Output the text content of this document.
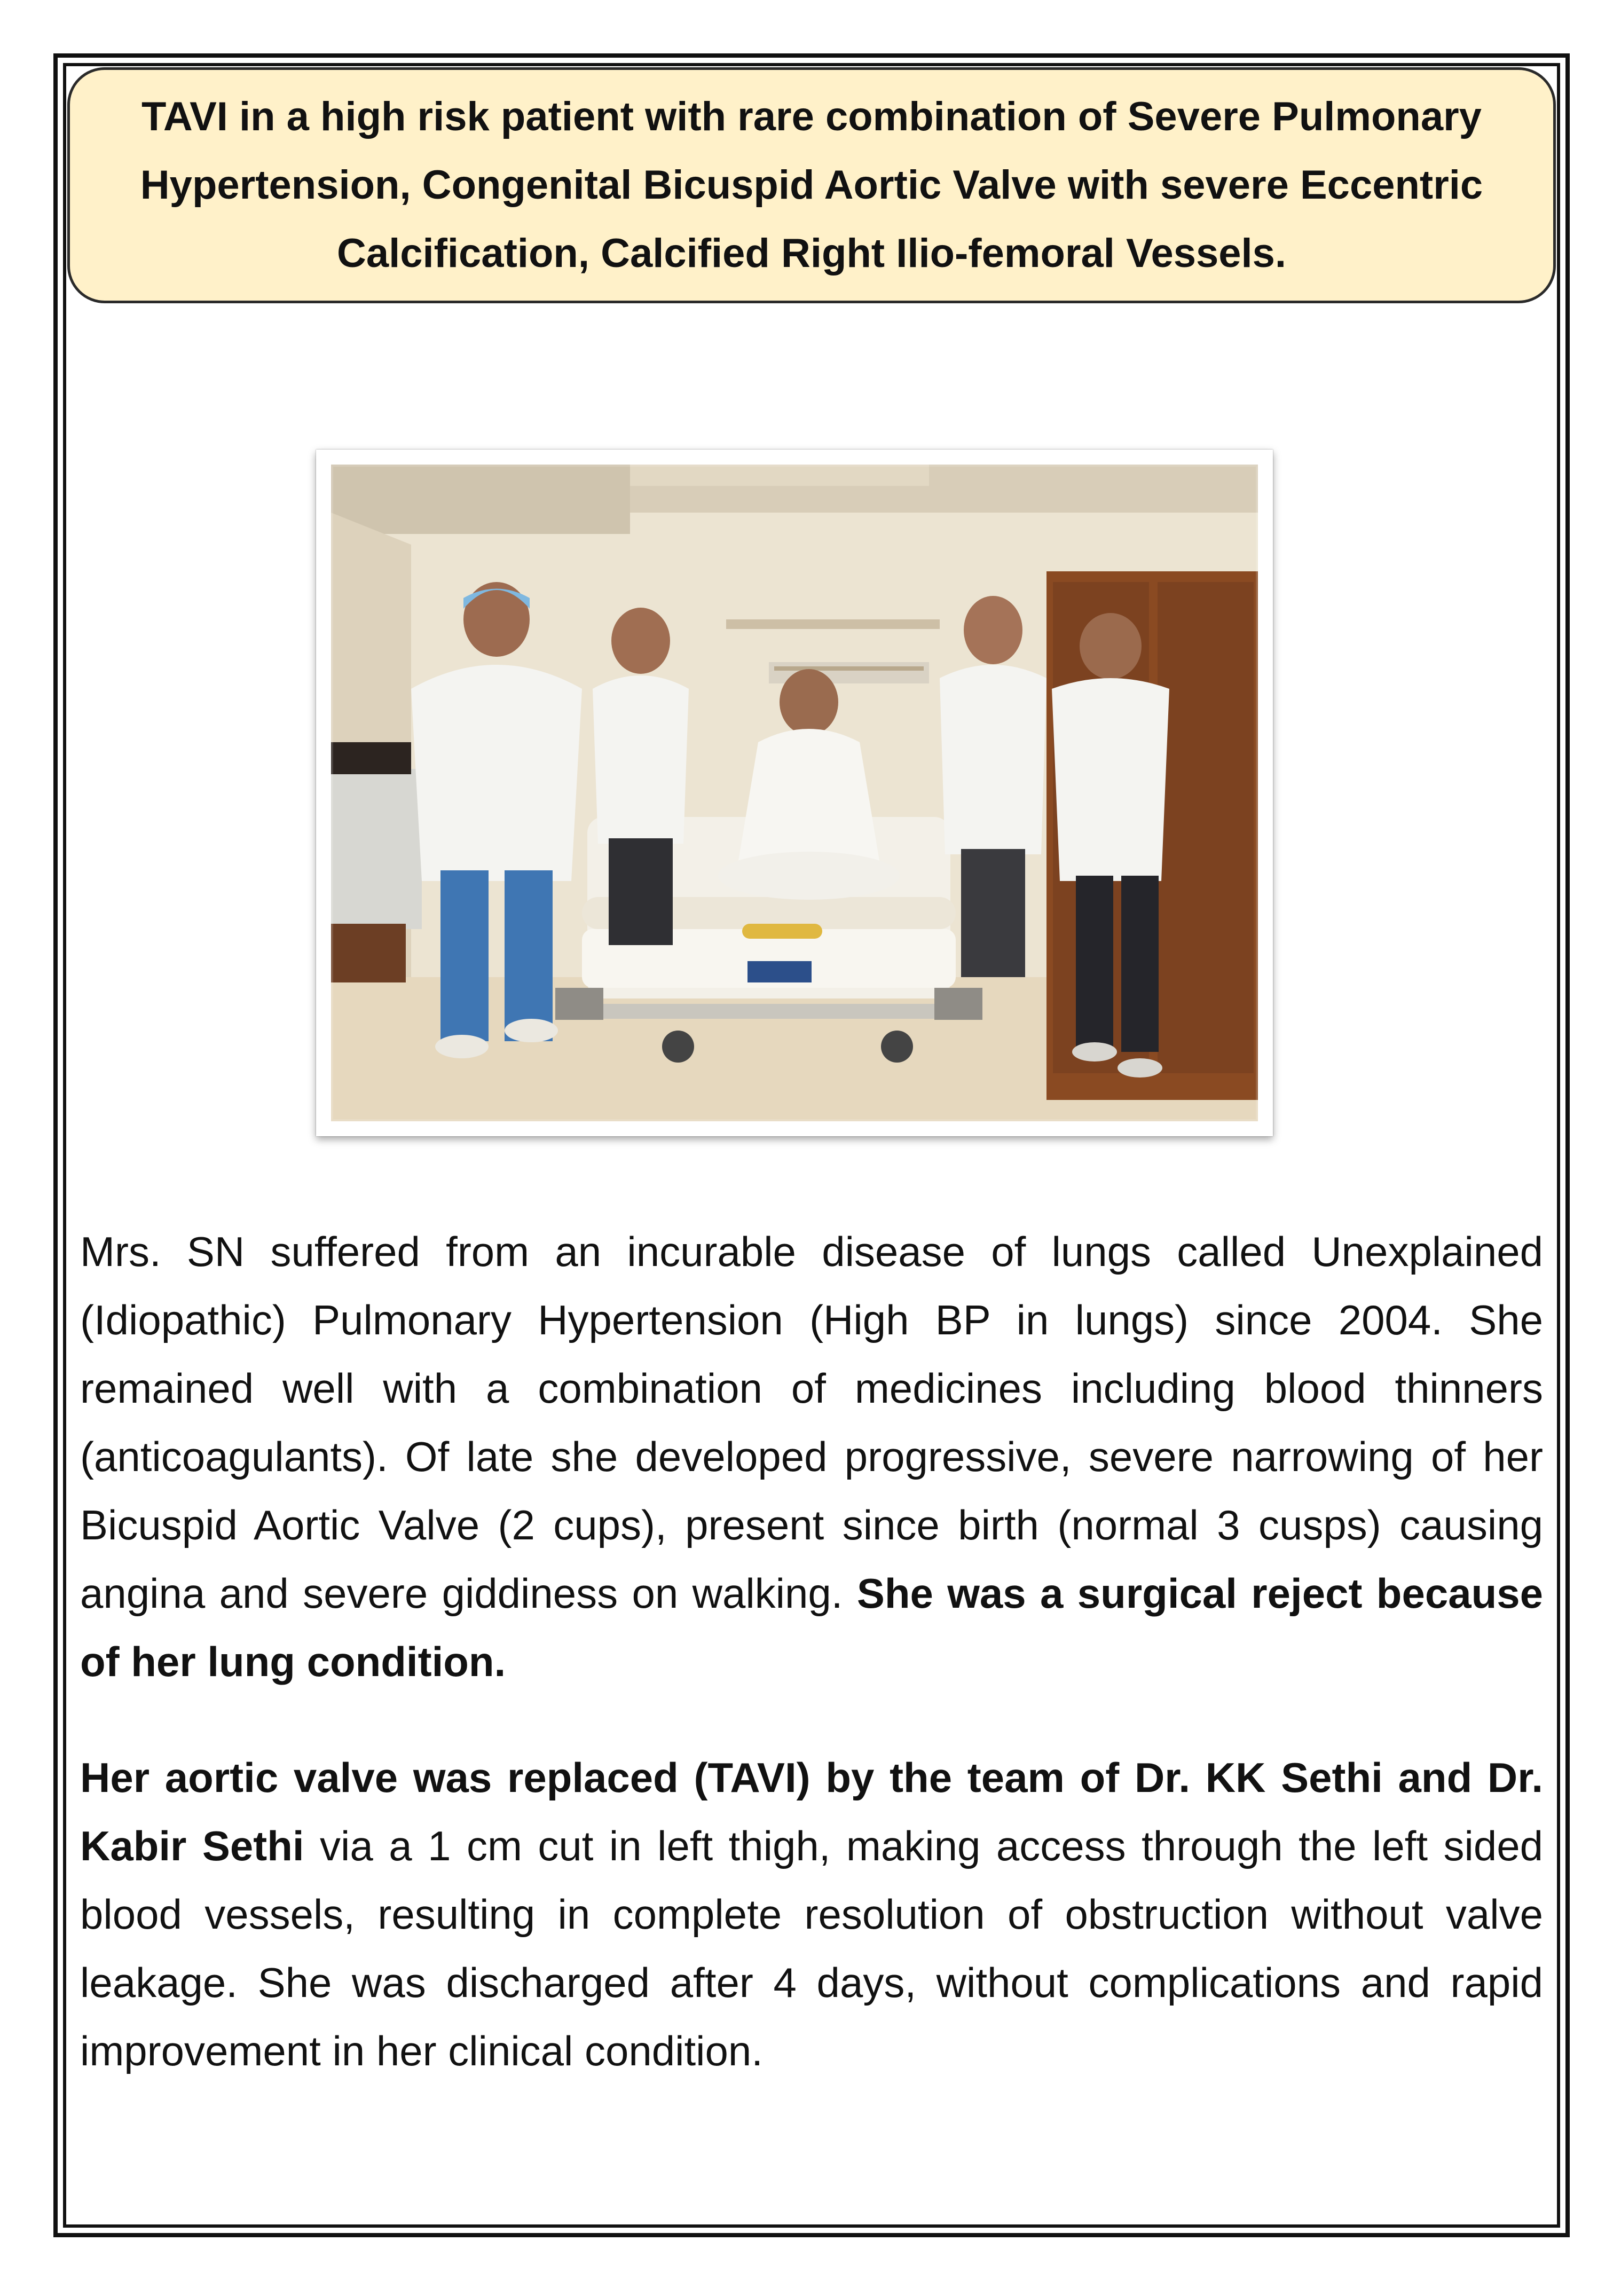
TAVI in a high risk patient with rare combination of Severe Pulmonary Hypertension, Congenital Bicuspid Aortic Valve with severe Eccentric Calcification, Calcified Right Ilio-femoral Vessels.

Mrs. SN suffered from an incurable disease of lungs called Unexplained (Idiopathic) Pulmonary Hypertension (High BP in lungs) since 2004. She remained well with a combination of medicines including blood thinners (anticoagulants). Of late she developed progressive, severe narrowing of her Bicuspid Aortic Valve (2 cups), present since birth (normal 3 cusps) causing angina and severe giddiness on walking. She was a surgical reject because of her lung condition.

Her aortic valve was replaced (TAVI) by the team of Dr. KK Sethi and Dr. Kabir Sethi via a 1 cm cut in left thigh, making access through the left sided blood vessels, resulting in complete resolution of obstruction without valve leakage. She was discharged after 4 days, without complications and rapid improvement in her clinical condition.
